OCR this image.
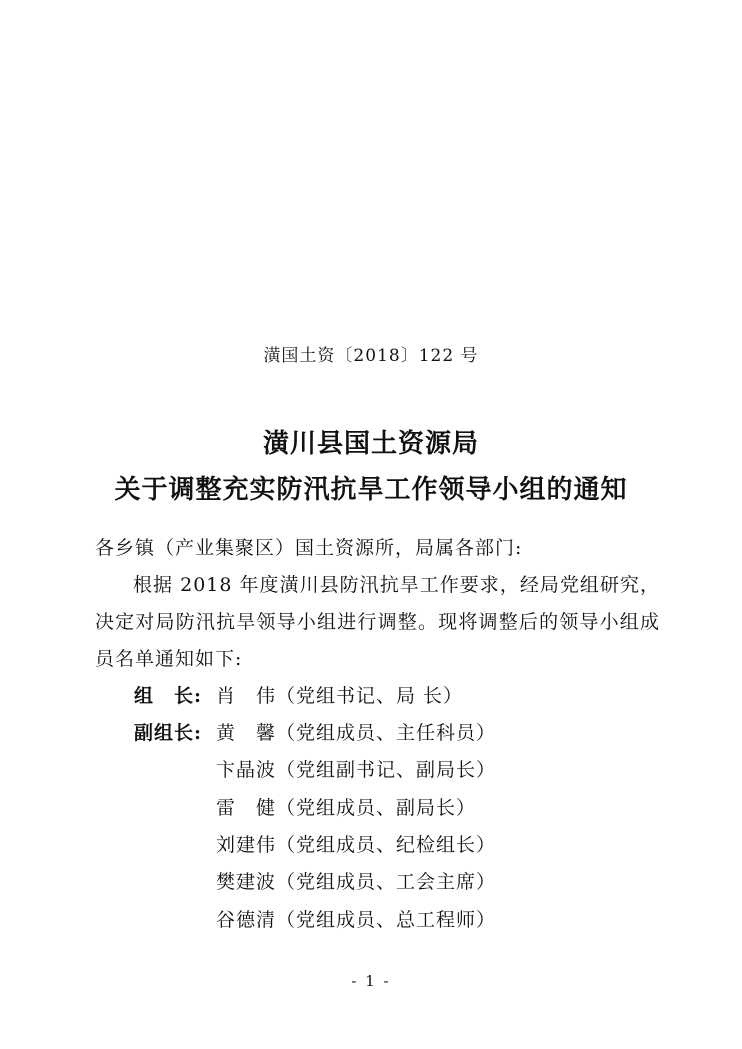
潢国土资〔2018〕122 号
潢川县国土资源局
关于调整充实防汛抗旱工作领导小组的通知
各乡镇（产业集聚区）国土资源所，局属各部门:
根据 2018 年度潢川县防汛抗旱工作要求，经局党组研究，决定对局防汛抗旱领导小组进行调整。现将调整后的领导小组成员名单通知如下:
组　长: 肖　伟（党组书记、局 长）
副组长: 黄　馨（党组成员、主任科员）
卞晶波（党组副书记、副局长）
雷　健（党组成员、副局长）
刘建伟（党组成员、纪检组长）
樊建波（党组成员、工会主席）
谷德清（党组成员、总工程师）
- 1 -
